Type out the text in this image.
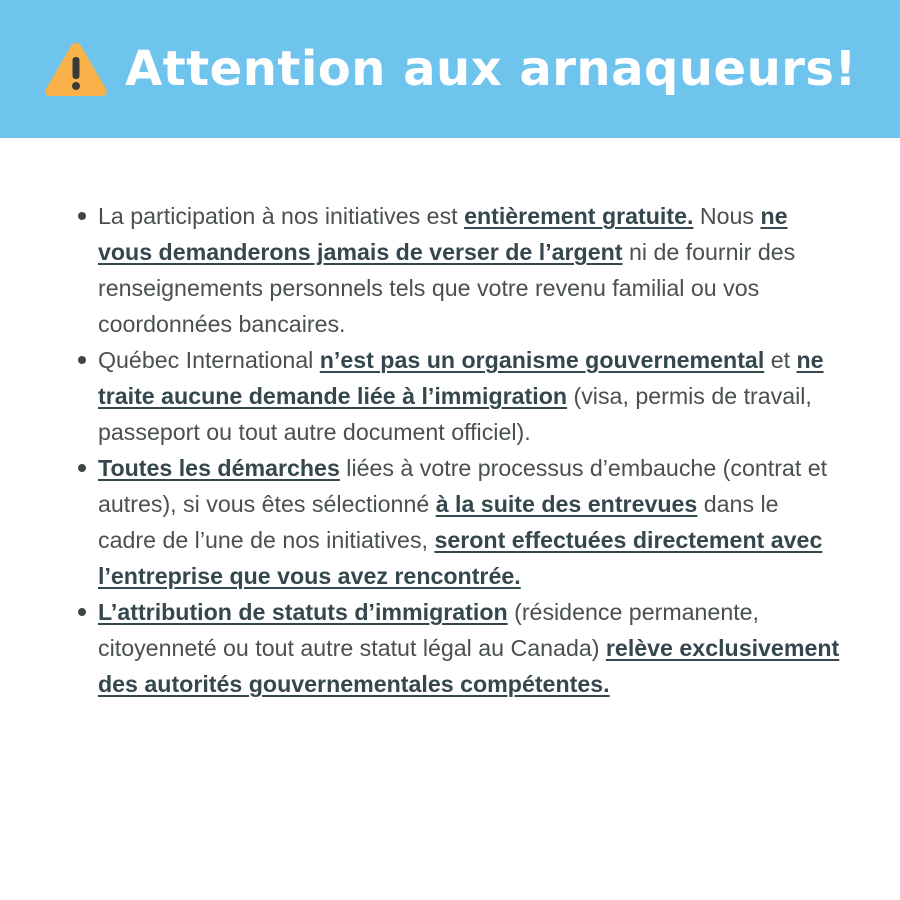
Attention aux arnaqueurs!
La participation à nos initiatives est entièrement gratuite. Nous ne vous demanderons jamais de verser de l’argent ni de fournir des renseignements personnels tels que votre revenu familial ou vos coordonnées bancaires.
Québec International n’est pas un organisme gouvernemental et ne traite aucune demande liée à l’immigration (visa, permis de travail, passeport ou tout autre document officiel).
Toutes les démarches liées à votre processus d’embauche (contrat et autres), si vous êtes sélectionné à la suite des entrevues dans le cadre de l’une de nos initiatives, seront effectuées directement avec l’entreprise que vous avez rencontrée.
L’attribution de statuts d’immigration (résidence permanente, citoyenneté ou tout autre statut légal au Canada) relève exclusivement des autorités gouvernementales compétentes.
